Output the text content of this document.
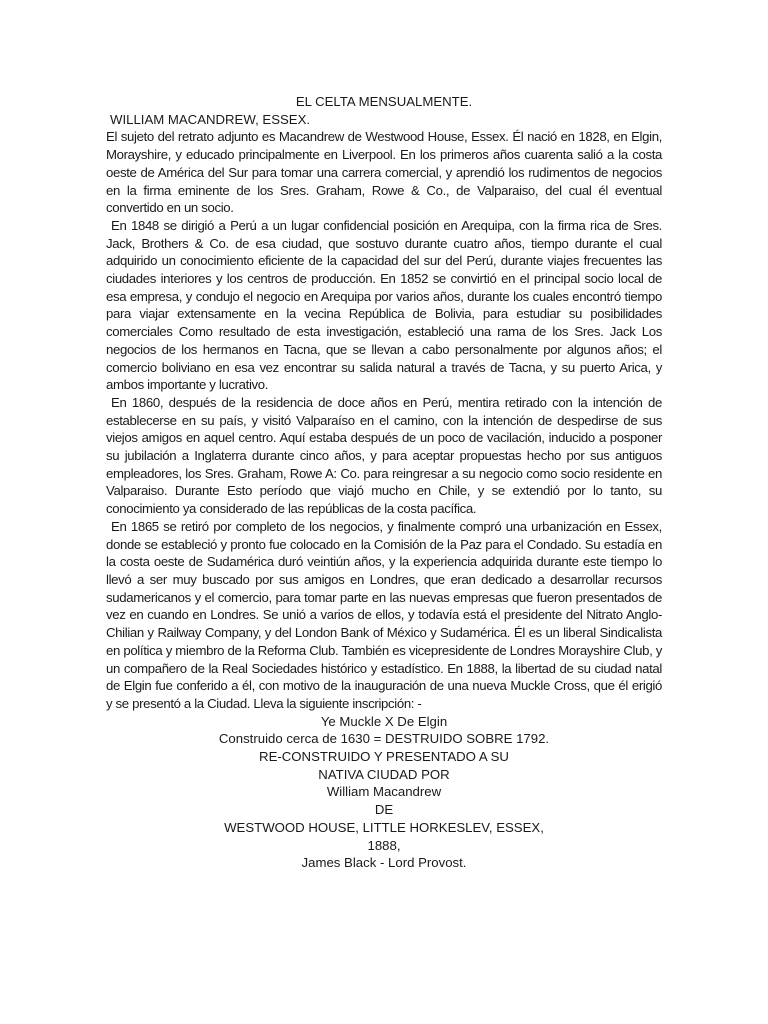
EL CELTA MENSUALMENTE.

WILLIAM MACANDREW, ESSEX.

El sujeto del retrato adjunto es Macandrew de Westwood House, Essex. Él nació en 1828, en Elgin, Morayshire, y educado principalmente en Liverpool. En los primeros años cuarenta salió a la costa oeste de América del Sur para tomar una carrera comercial, y aprendió los rudimentos de negocios en la firma eminente de los Sres. Graham, Rowe & Co., de Valparaiso, del cual él eventual convertido en un socio.

En 1848 se dirigió a Perú a un lugar confidencial posición en Arequipa, con la firma rica de Sres. Jack, Brothers & Co. de esa ciudad, que sostuvo durante cuatro años, tiempo durante el cual adquirido un conocimiento eficiente de la capacidad del sur del Perú, durante viajes frecuentes las ciudades interiores y los centros de producción. En 1852 se convirtió en el principal socio local de esa empresa, y condujo el negocio en Arequipa por varios años, durante los cuales encontró tiempo para viajar extensamente en la vecina República de Bolivia, para estudiar su posibilidades comerciales Como resultado de esta investigación, estableció una rama de los Sres. Jack Los negocios de los hermanos en Tacna, que se llevan a cabo personalmente por algunos años; el comercio boliviano en esa vez encontrar su salida natural a través de Tacna, y su puerto Arica, y ambos importante y lucrativo.

En 1860, después de la residencia de doce años en Perú, mentira retirado con la intención de establecerse en su país, y visitó Valparaíso en el camino, con la intención de despedirse de sus viejos amigos en aquel centro. Aquí estaba después de un poco de vacilación, inducido a posponer su jubilación a Inglaterra durante cinco años, y para aceptar propuestas hecho por sus antiguos empleadores, los Sres. Graham, Rowe A: Co. para reingresar a su negocio como socio residente en Valparaiso. Durante Esto período que viajó mucho en Chile, y se extendió por lo tanto, su conocimiento ya considerado de las repúblicas de la costa pacífica.

En 1865 se retiró por completo de los negocios, y finalmente compró una urbanización en Essex, donde se estableció y pronto fue colocado en la Comisión de la Paz para el Condado. Su estadía en la costa oeste de Sudamérica duró veintiún años, y la experiencia adquirida durante este tiempo lo llevó a ser muy buscado por sus amigos en Londres, que eran dedicado a desarrollar recursos sudamericanos y el comercio, para tomar parte en las nuevas empresas que fueron presentados de vez en cuando en Londres. Se unió a varios de ellos, y todavía está el presidente del Nitrato Anglo-Chilian y Railway Company, y del London Bank of México y Sudamérica. Él es un liberal Sindicalista en política y miembro de la Reforma Club. También es vicepresidente de Londres Morayshire Club, y un compañero de la Real Sociedades histórico y estadístico. En 1888, la libertad de su ciudad natal de Elgin fue conferido a él, con motivo de la inauguración de una nueva Muckle Cross, que él erigió y se presentó a la Ciudad. Lleva la siguiente inscripción: -

Ye Muckle X De Elgin
Construido cerca de 1630 = DESTRUIDO SOBRE 1792.
RE-CONSTRUIDO Y PRESENTADO A SU
NATIVA CIUDAD POR
William Macandrew
DE
WESTWOOD HOUSE, LITTLE HORKESLEV, ESSEX,
1888,
James Black - Lord Provost.
